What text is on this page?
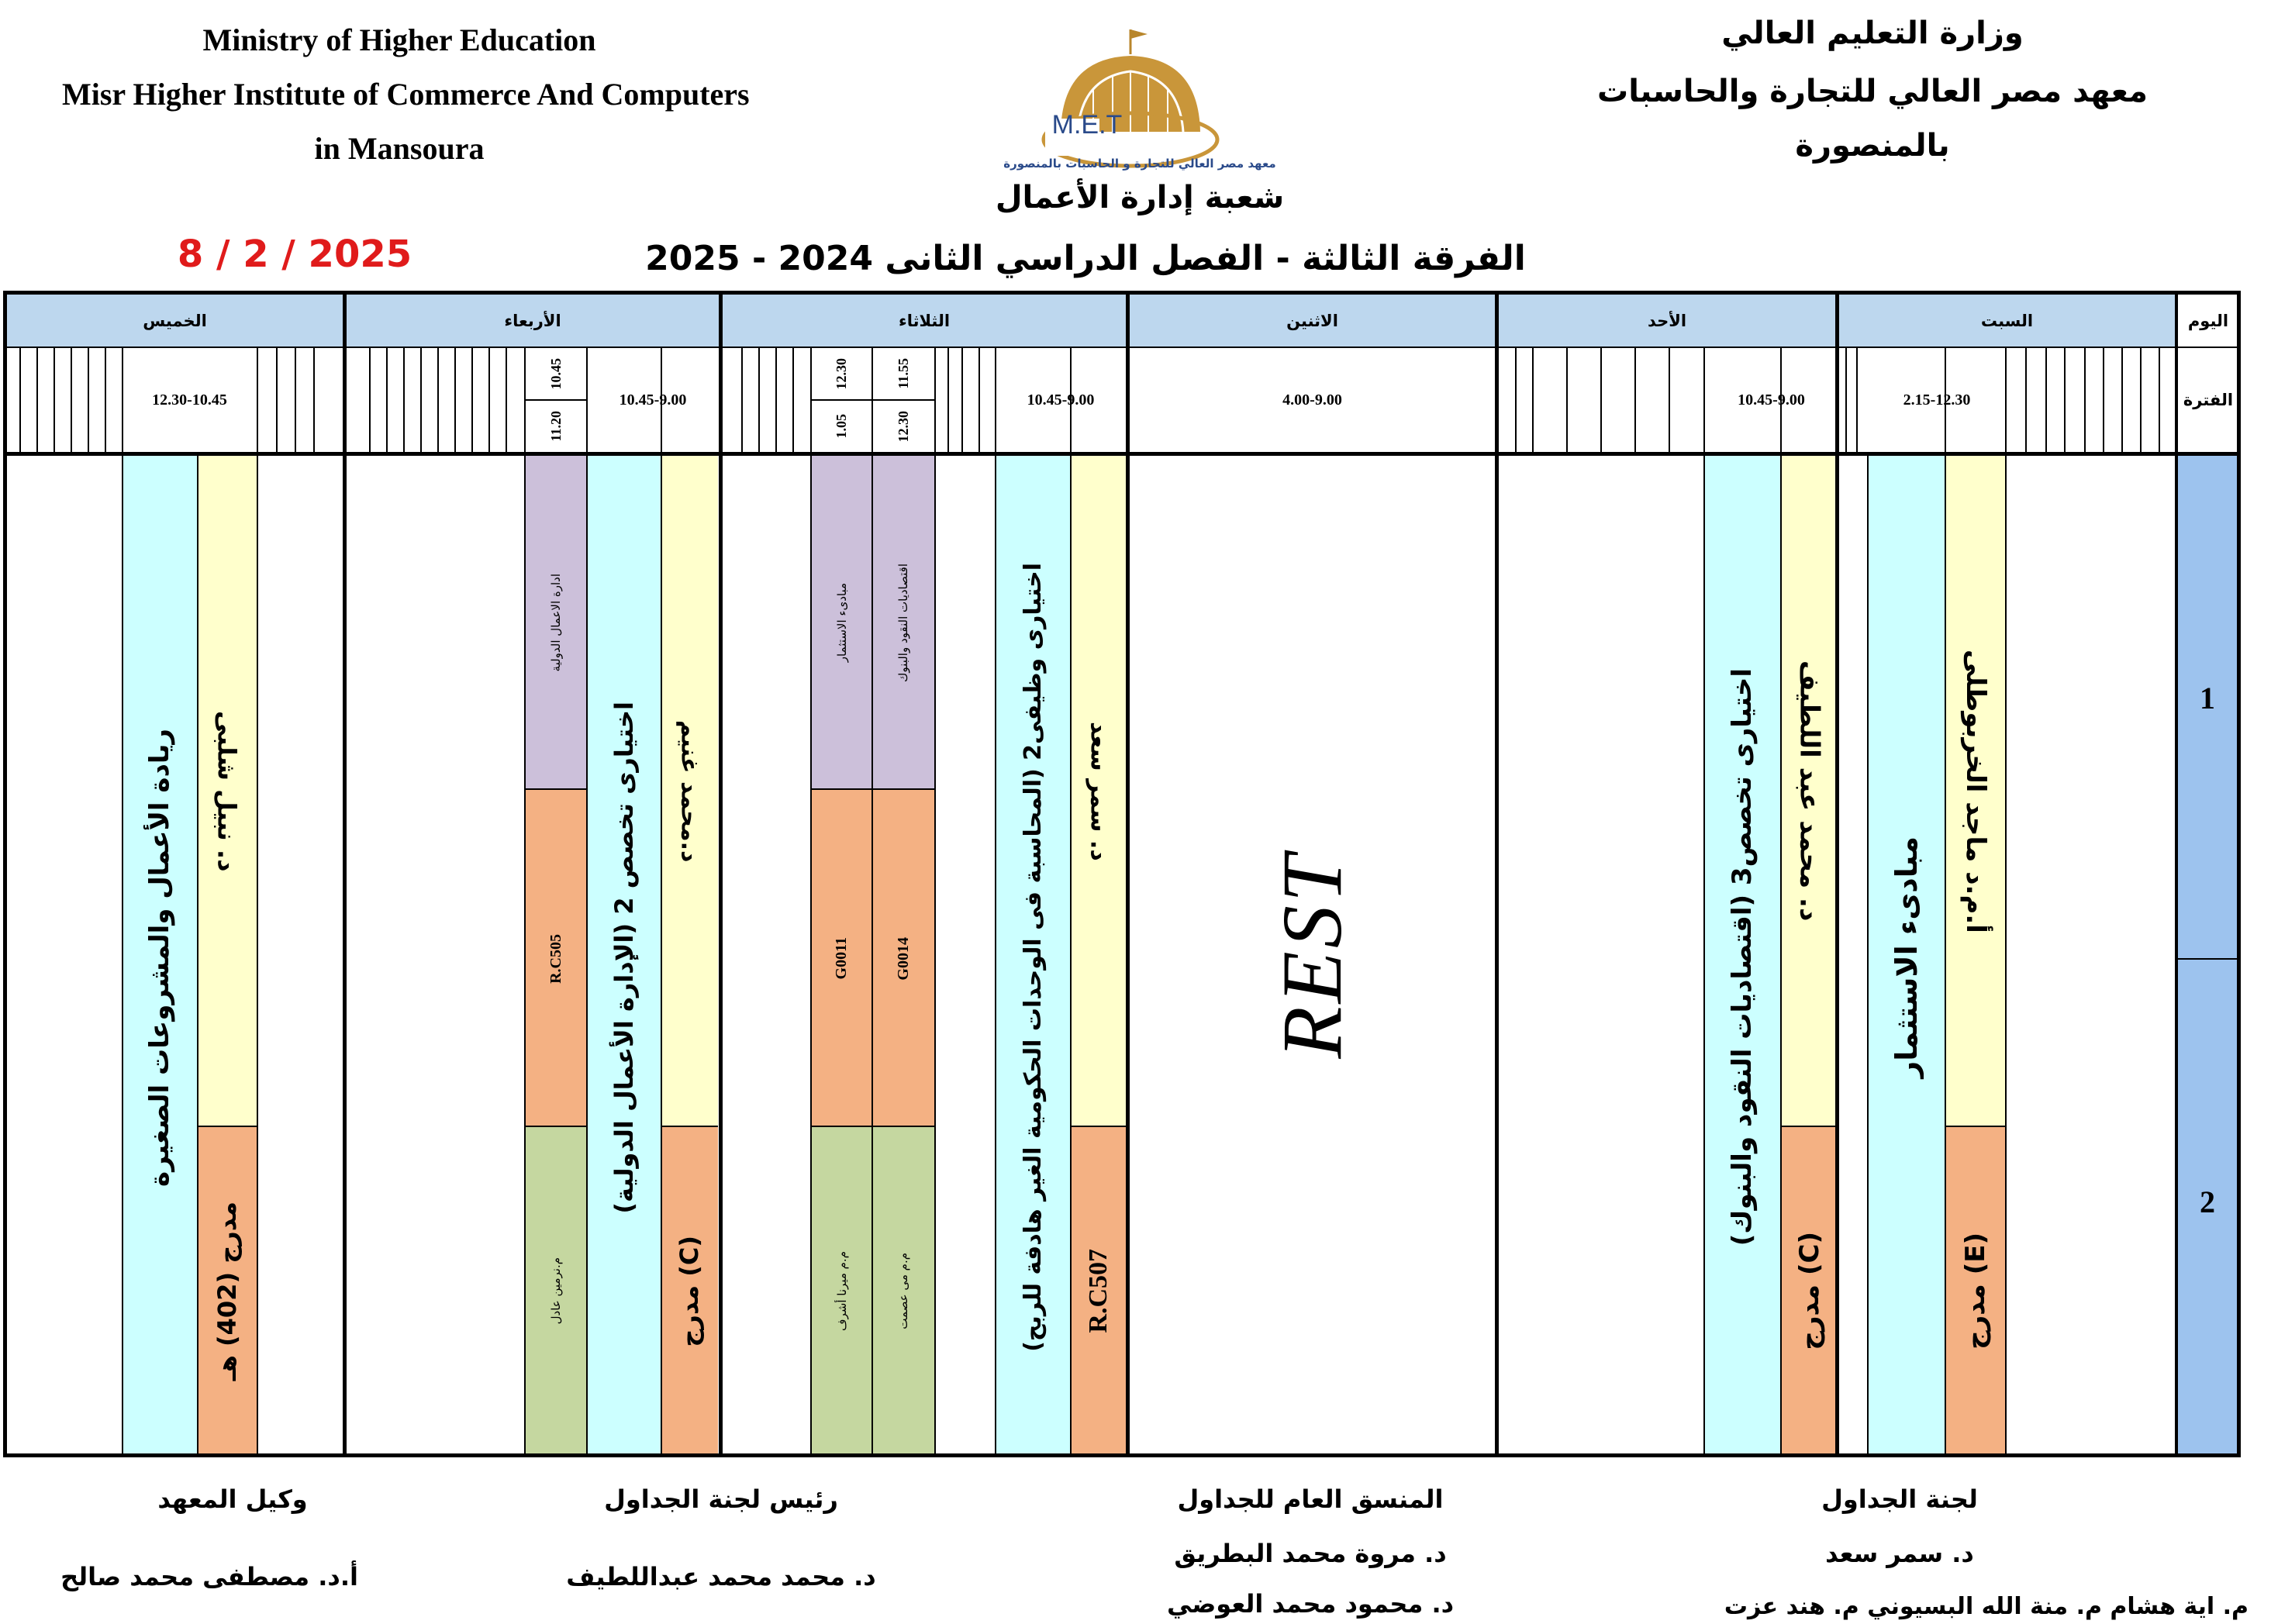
Ministry of Higher Education
Misr Higher Institute of Commerce And Computers
in Mansoura
وزارة التعليم العالي
معهد مصر العالي للتجارة والحاسبات
بالمنصورة
M.E.T
معهد مصر العالي للتجارة و الحاسبات بالمنصورة
شعبة إدارة الأعمال
الفرقة الثالثة - الفصل الدراسي الثانى 2024 - 2025
8 / 2 / 2025
اليوم
السبت
الأحد
الاثنين
الثلاثاء
الأربعاء
الخميس
الفترة
2.15-12.30
10.45-9.00
4.00-9.00
10.45-9.00
11.55
12.30
12.30
1.05
10.45-9.00
10.45
11.20
12.30-10.45
1
2
أ.م.د ماجد الخربوطلى
مبادىء الاستثمار
مدرج (E)
د. محمد عبد اللطيف
اختيارى تخصص3 (اقتصاديات النقود والبنوك)
مدرج (C)
REST
د. سمر سعد
اختيارى وظيفى2 (المحاسبة فى الوحدات الحكومية الغير هادفة للربح)
R.C507
اقتصاديات النقود والبنوك
G0014
م.م مى عصمت
مبادىء الاستثمار
G0011
م.م ميرنا أشرف
د.محمد غنيم
اختيارى تخصص 2 (الإدارة الأعمال الدولية)
مدرج (C)
ادارة الاعمال الدولية
R.C505
م.نرمين عادل
د. نبيل شلبى
ريادة الأعمال والمشروعات الصغيرة
مدرج (402) هـ
لجنة الجداول
د. سمر سعد
م. اية هشام م. منة الله البسيوني م. هند عزت
المنسق العام للجداول
د. مروة محمد البطريق
د. محمود محمد العوضي
رئيس لجنة الجداول
د. محمد محمد عبداللطيف
وكيل المعهد
أ.د. مصطفى محمد صالح
